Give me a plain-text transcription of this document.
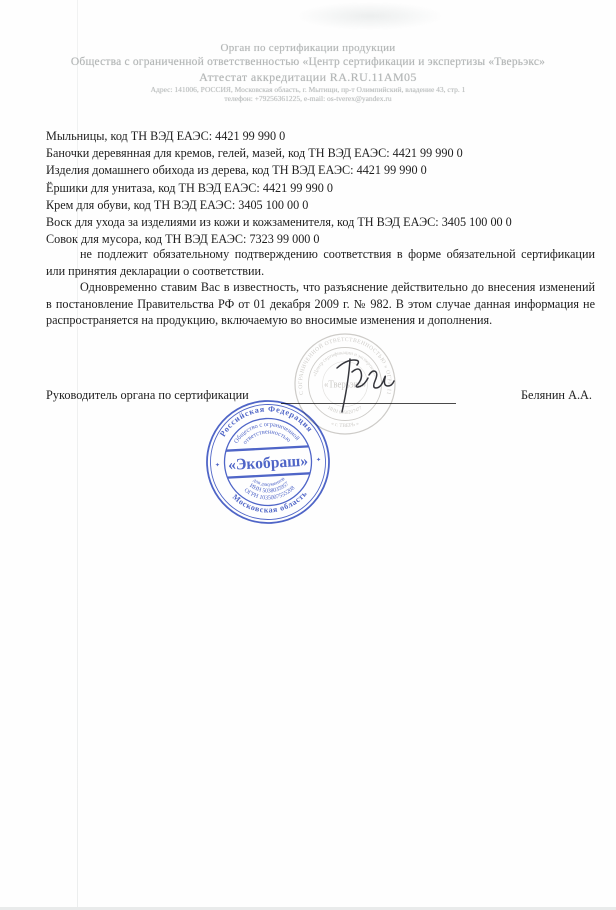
Орган по сертификации продукции
Общества с ограниченной ответственностью «Центр сертификации и экспертизы «Тверьэкс»
Аттестат аккредитации RA.RU.11АМ05
Адрес: 141006, РОССИЯ, Московская область, г. Мытищи, пр-т Олимпийский, владение 43, стр. 1
телефон: +79256361225, e-mail: os-tverex@yandex.ru
Мыльницы, код ТН ВЭД ЕАЭС: 4421 99 990 0
Баночки деревянная для кремов, гелей, мазей, код ТН ВЭД ЕАЭС: 4421 99 990 0
Изделия домашнего обихода из дерева, код ТН ВЭД ЕАЭС: 4421 99 990 0
Ёршики для унитаза, код ТН ВЭД ЕАЭС: 4421 99 990 0
Крем для обуви, код ТН ВЭД ЕАЭС: 3405 100 00 0
Воск для ухода за изделиями из кожи и кожзаменителя, код ТН ВЭД ЕАЭС: 3405 100 00 0
Совок для мусора, код ТН ВЭД ЕАЭС: 7323 99 000 0

не подлежит обязательному подтверждению соответствия в форме обязательной сертификации или принятия декларации о соответствии.

Одновременно ставим Вас в известность, что разъяснение действительно до внесения изменений в постановление Правительства РФ от 01 декабря 2009 г. № 982. В этом случае данная информация не распространяется на продукцию, включаемую во вносимые изменения и дополнения.

Руководитель органа по сертификации	Белянин А.А.
С ОГРАНИЧЕННОЙ ОТВЕТСТВЕННОСТЬЮ » ОГРН 11
« г. ТВЕРЬ »
«Центр сертификации и экспертизы»
ИНН 6950207477
«Тверьэкс»
Российская Федерация
Московская область
✦
✦
Общество с ограниченной
ответственностью
для документов
ИНН 5038035957
ОГРН 1035007555208
«Экобраш»
